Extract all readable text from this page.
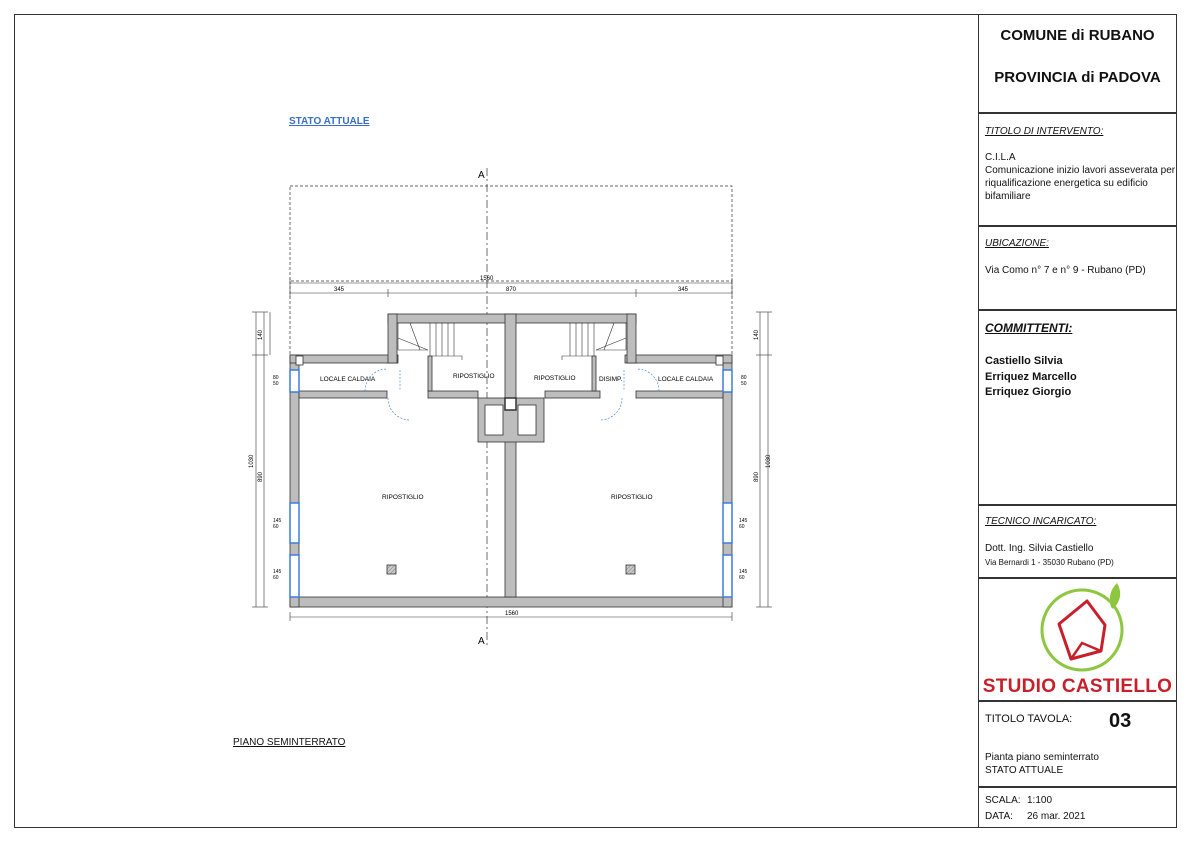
STATO ATTUALE
PIANO SEMINTERRATO
A
A
1560
345	870	345
1560
140
1030
890
140
1030
890
80
50
80
50
145
60
145
60
145
60
145
60
LOCALE CALDAIA	RIPOSTIGLIO	RIPOSTIGLIO	DISIMP.	LOCALE CALDAIA
RIPOSTIGLIO	RIPOSTIGLIO
COMUNE di RUBANO
PROVINCIA di PADOVA
TITOLO DI INTERVENTO:
C.I.L.A
Comunicazione inizio lavori asseverata per
riqualificazione energetica su edificio
bifamiliare
UBICAZIONE:
Via Como n° 7 e n° 9 - Rubano (PD)
COMMITTENTI:
Castiello Silvia
Erriquez Marcello
Erriquez Giorgio
TECNICO INCARICATO:
Dott. Ing. Silvia Castiello
Via Bernardi 1 - 35030 Rubano (PD)
STUDIO CASTIELLO
TITOLO TAVOLA: 03
Pianta piano seminterrato
STATO ATTUALE
SCALA: 1:100
DATA: 26 mar. 2021
